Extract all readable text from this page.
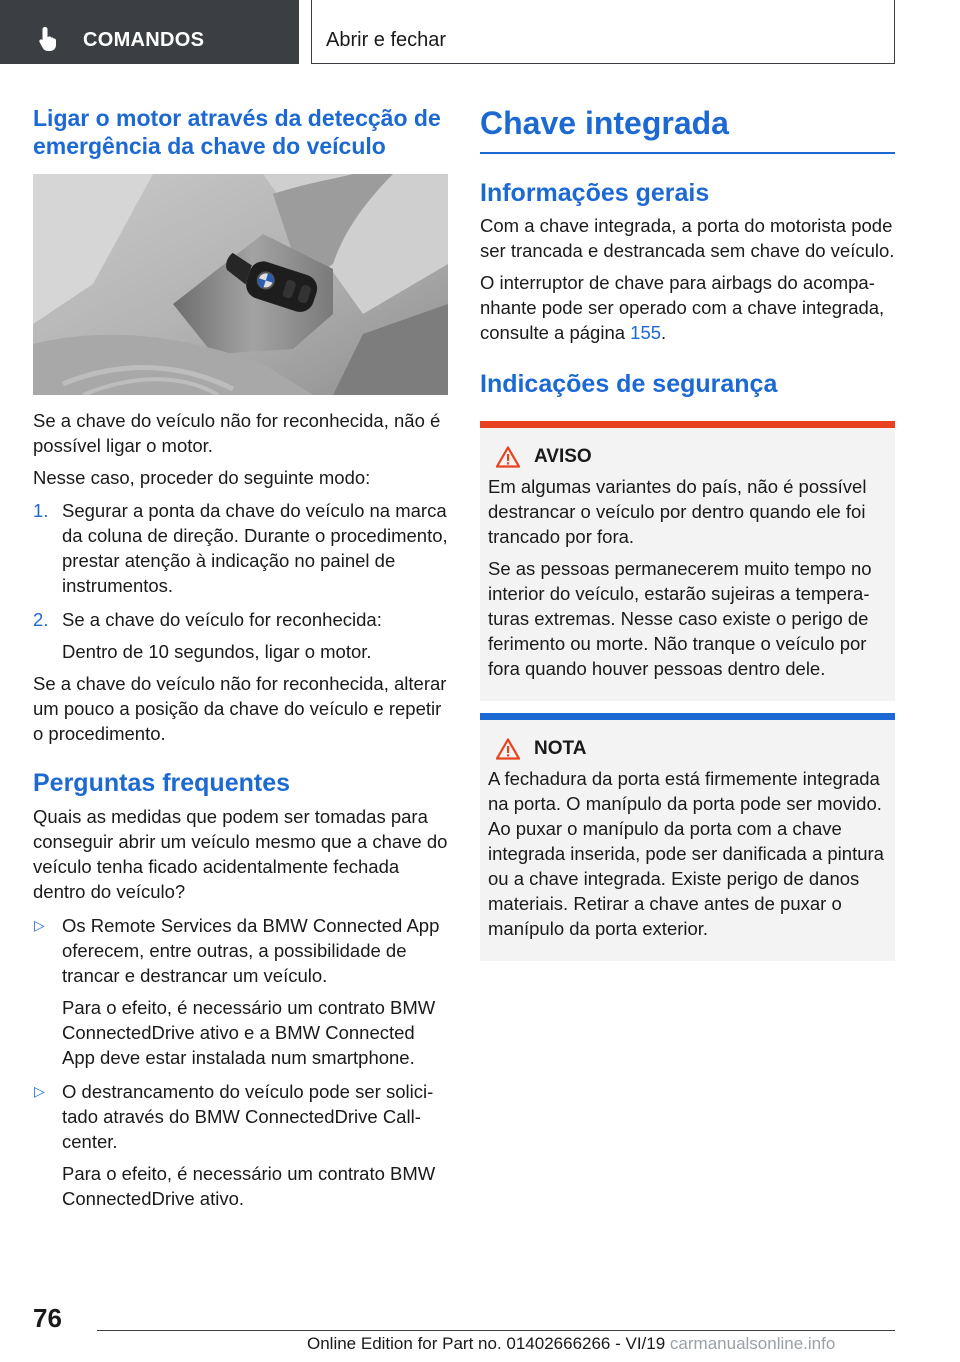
COMANDOS	Abrir e fechar
Ligar o motor através da detecção de emergência da chave do veículo

Se a chave do veículo não for reconhecida, não é possível ligar o motor.

Nesse caso, proceder do seguinte modo:

1. Segurar a ponta da chave do veículo na marca da coluna de direção. Durante o procedimento, prestar atenção à indicação no painel de instrumentos.
2. Se a chave do veículo for reconhecida:
Dentro de 10 segundos, ligar o motor.

Se a chave do veículo não for reconhecida, alterar um pouco a posição da chave do veículo e repetir o procedimento.

Perguntas frequentes

Quais as medidas que podem ser tomadas para conseguir abrir um veículo mesmo que a chave do veículo tenha ficado acidentalmente fechada dentro do veículo?

▷ Os Remote Services da BMW Connected App oferecem, entre outras, a possibilidade de trancar e destrancar um veículo.

Para o efeito, é necessário um contrato BMW ConnectedDrive ativo e a BMW Connected App deve estar instalada num smartphone.

▷ O destrancamento do veículo pode ser solicitado através do BMW ConnectedDrive Callcenter.

Para o efeito, é necessário um contrato BMW ConnectedDrive ativo.

Chave integrada
Informações gerais

Com a chave integrada, a porta do motorista pode ser trancada e destrancada sem chave do veículo.

O interruptor de chave para airbags do acompanhante pode ser operado com a chave integrada, consulte a página 155.

Indicações de segurança
AVISO

Em algumas variantes do país, não é possível destrancar o veículo por dentro quando ele foi trancado por fora.

Se as pessoas permanecerem muito tempo no interior do veículo, estarão sujeiras a temperaturas extremas. Nesse caso existe o perigo de ferimento ou morte. Não tranque o veículo por fora quando houver pessoas dentro dele.

NOTA

A fechadura da porta está firmemente integrada na porta. O manípulo da porta pode ser movido. Ao puxar o manípulo da porta com a chave integrada inserida, pode ser danificada a pintura ou a chave integrada. Existe perigo de danos materiais. Retirar a chave antes de puxar o manípulo da porta exterior.

76
Online Edition for Part no. 01402666266 - VI/19 carmanualsonline.info
